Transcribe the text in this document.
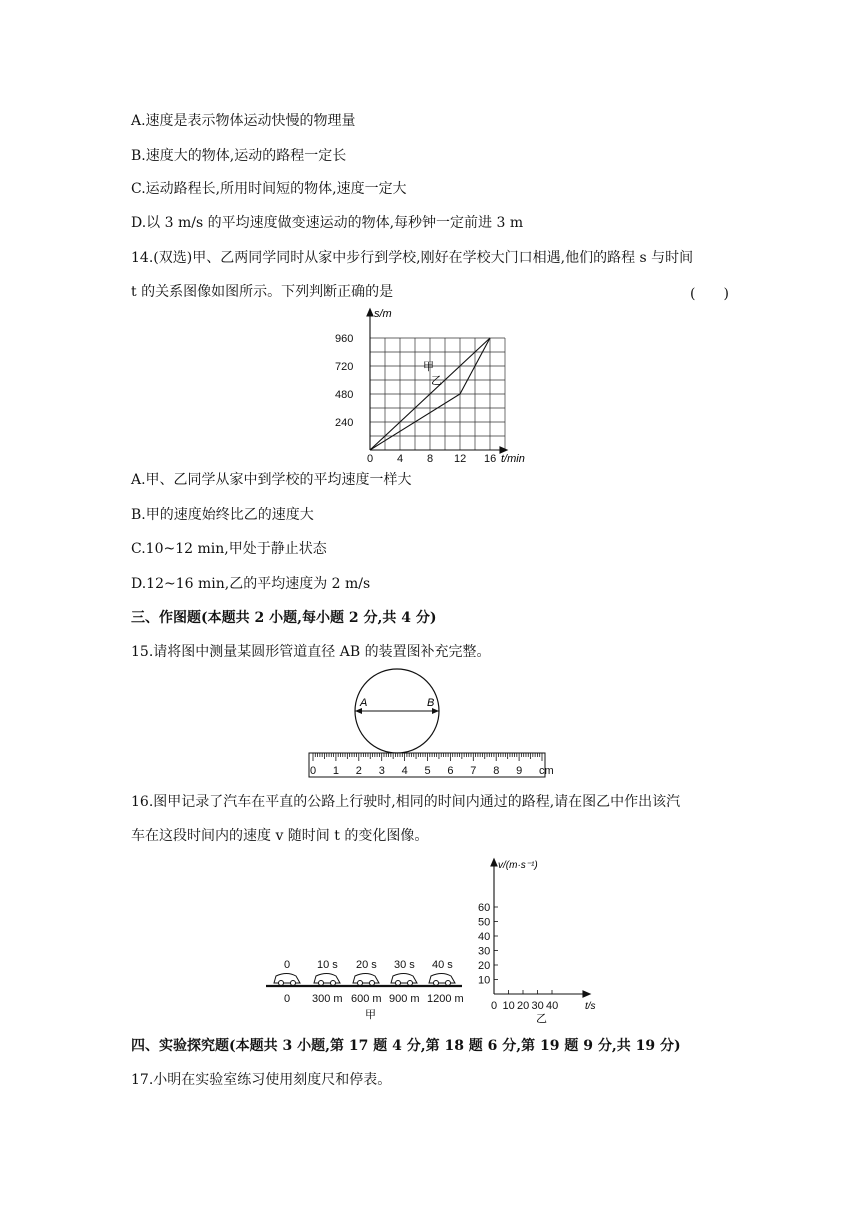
A.速度是表示物体运动快慢的物理量
B.速度大的物体,运动的路程一定长
C.运动路程长,所用时间短的物体,速度一定大
D.以 3 m/s 的平均速度做变速运动的物体,每秒钟一定前进 3 m
14.(双选)甲、乙两同学同时从家中步行到学校,刚好在学校大门口相遇,他们的路程 s 与时间
t 的关系图像如图所示。下列判断正确的是	(　　)
0 4 8 12 16
240
480
720
960
s/m
t/min
甲
乙
A.甲、乙同学从家中到学校的平均速度一样大
B.甲的速度始终比乙的速度大
C.10~12 min,甲处于静止状态
D.12~16 min,乙的平均速度为 2 m/s
三、作图题(本题共 2 小题,每小题 2 分,共 4 分)
15.请将图中测量某圆形管道直径 AB 的装置图补充完整。
A	B
0 1 2 3 4 5 6 7 8 9 cm
16.图甲记录了汽车在平直的公路上行驶时,相同的时间内通过的路程,请在图乙中作出该汽
车在这段时间内的速度 v 随时间 t 的变化图像。
0 10 s 20 s 30 s 40 s
0 300 m 600 m 900 m 1200 m
甲
10
20
30
40
50
60
0 10 20 30 40
v/(m·s⁻¹)
t/s
乙
四、实验探究题(本题共 3 小题,第 17 题 4 分,第 18 题 6 分,第 19 题 9 分,共 19 分)
17.小明在实验室练习使用刻度尺和停表。
